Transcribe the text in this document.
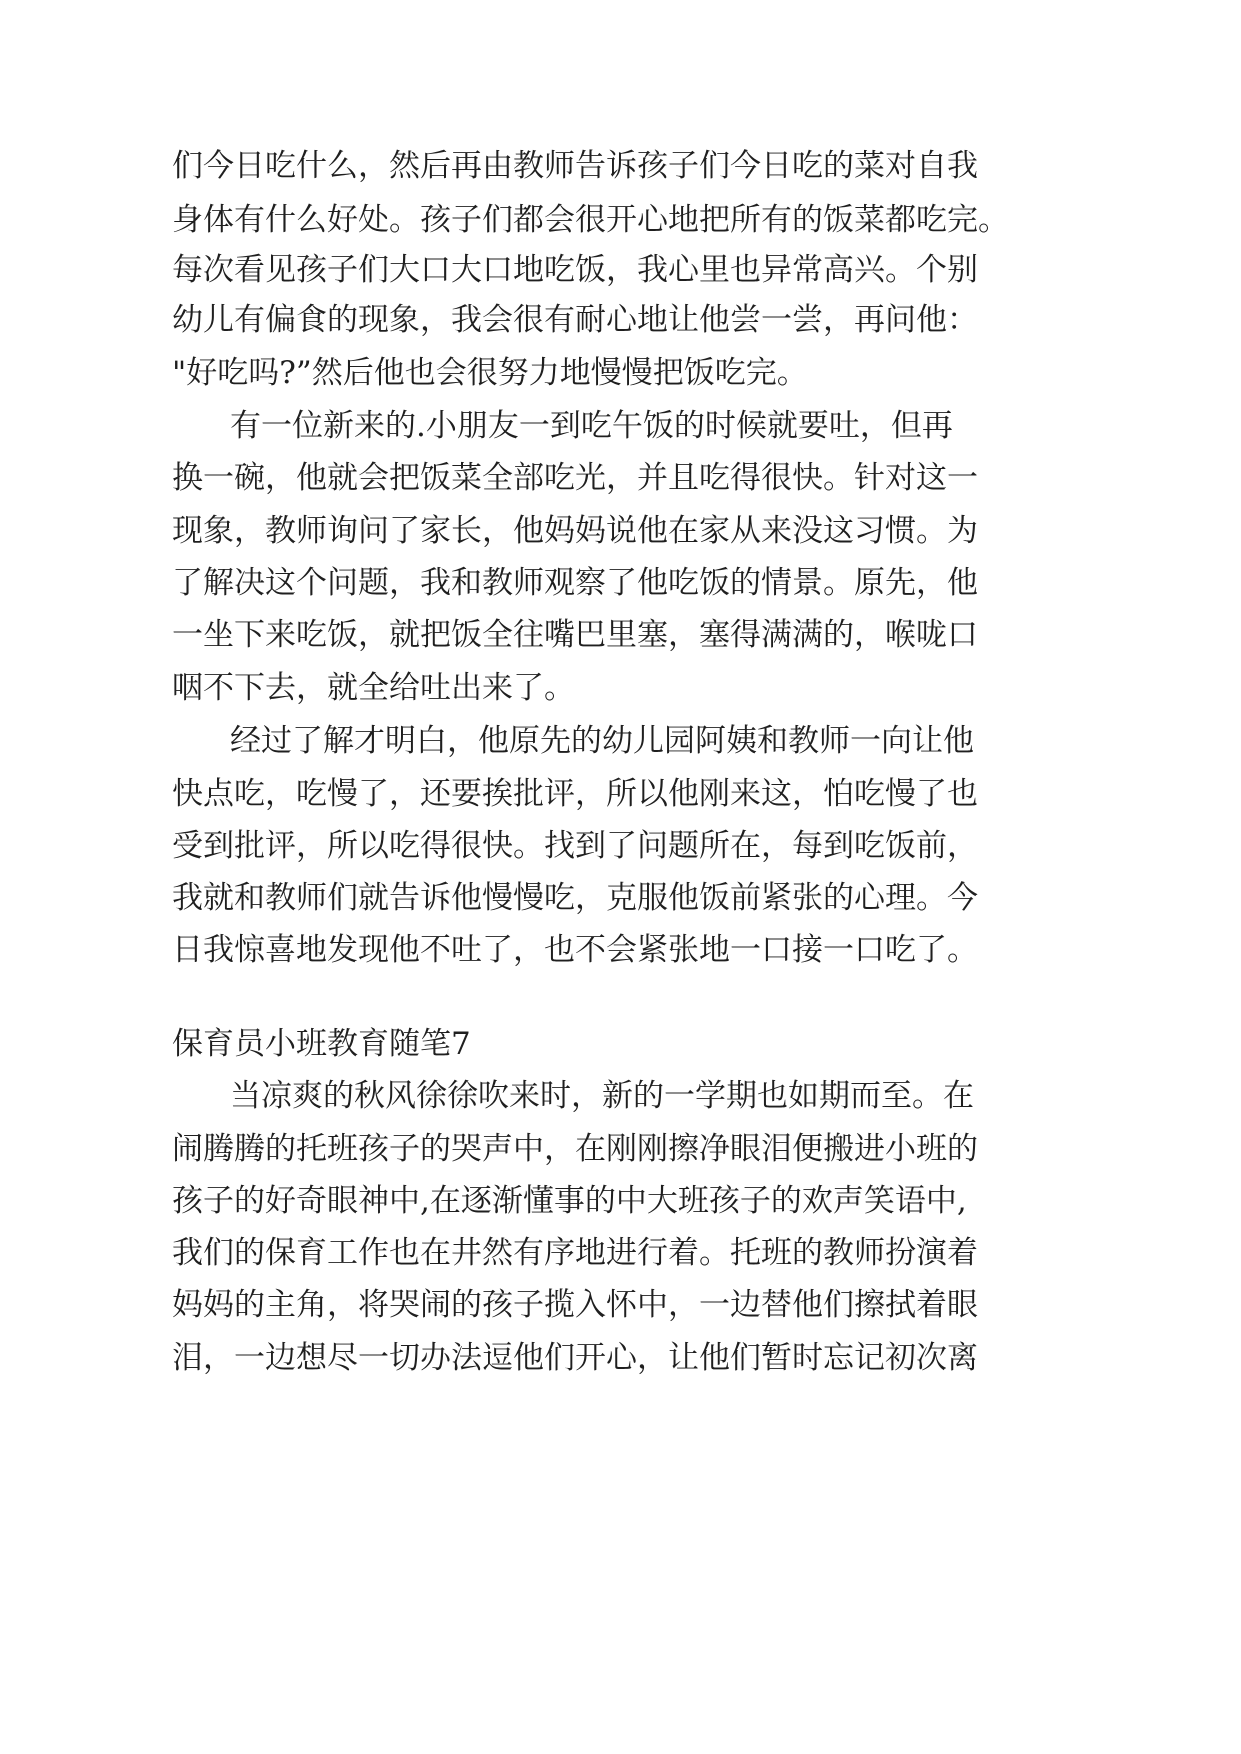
们今日吃什么，然后再由教师告诉孩子们今日吃的菜对自我
身体有什么好处。孩子们都会很开心地把所有的饭菜都吃完。
每次看见孩子们大口大口地吃饭，我心里也异常高兴。个别
幼儿有偏食的现象，我会很有耐心地让他尝一尝，再问他：
"好吃吗?”然后他也会很努力地慢慢把饭吃完。
有一位新来的.小朋友一到吃午饭的时候就要吐，但再
换一碗，他就会把饭菜全部吃光，并且吃得很快。针对这一
现象，教师询问了家长，他妈妈说他在家从来没这习惯。为
了解决这个问题，我和教师观察了他吃饭的情景。原先，他
一坐下来吃饭，就把饭全往嘴巴里塞，塞得满满的，喉咙口
咽不下去，就全给吐出来了。
经过了解才明白，他原先的幼儿园阿姨和教师一向让他
快点吃，吃慢了，还要挨批评，所以他刚来这，怕吃慢了也
受到批评，所以吃得很快。找到了问题所在，每到吃饭前，
我就和教师们就告诉他慢慢吃，克服他饭前紧张的心理。今
日我惊喜地发现他不吐了，也不会紧张地一口接一口吃了。
保育员小班教育随笔7
当凉爽的秋风徐徐吹来时，新的一学期也如期而至。在
闹腾腾的托班孩子的哭声中，在刚刚擦净眼泪便搬进小班的
孩子的好奇眼神中,在逐渐懂事的中大班孩子的欢声笑语中,
我们的保育工作也在井然有序地进行着。托班的教师扮演着
妈妈的主角，将哭闹的孩子揽入怀中，一边替他们擦拭着眼
泪，一边想尽一切办法逗他们开心，让他们暂时忘记初次离
